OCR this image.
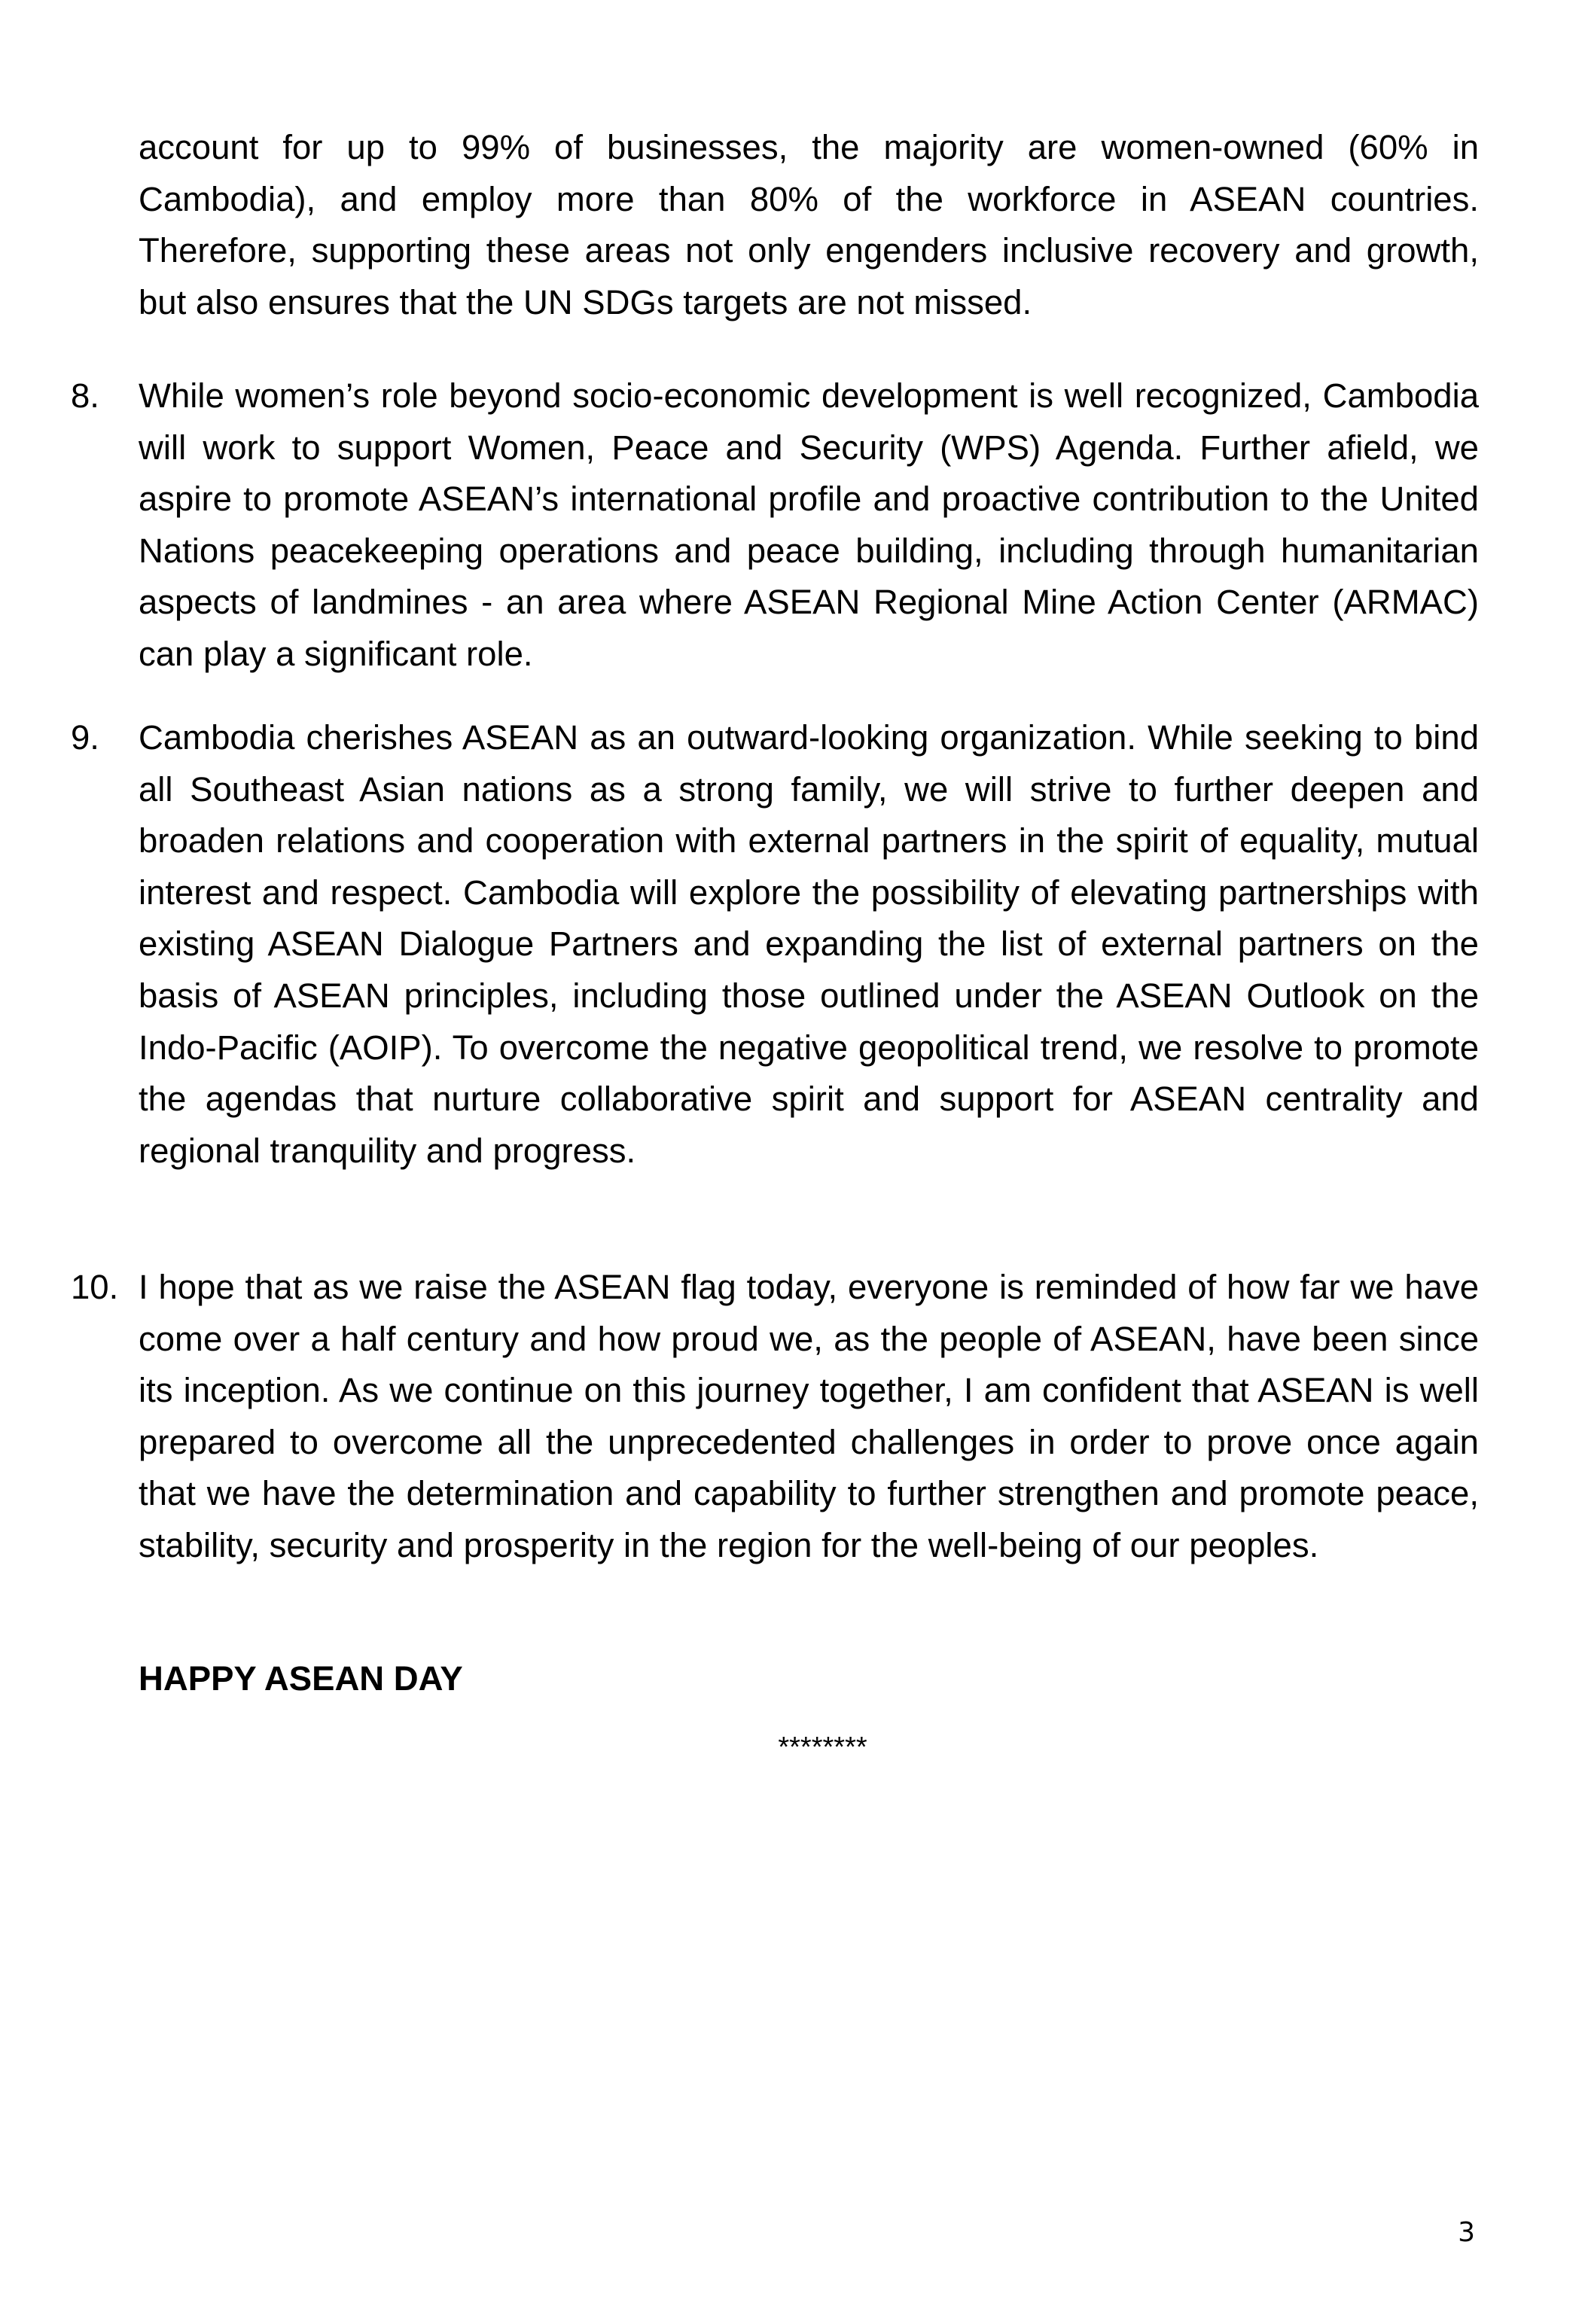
account for up to 99% of businesses, the majority are women-owned (60% in Cambodia), and employ more than 80% of the workforce in ASEAN countries. Therefore, supporting these areas not only engenders inclusive recovery and growth, but also ensures that the UN SDGs targets are not missed.

8. While women’s role beyond socio-economic development is well recognized, Cambodia will work to support Women, Peace and Security (WPS) Agenda. Further afield, we aspire to promote ASEAN’s international profile and proactive contribution to the United Nations peacekeeping operations and peace building, including through humanitarian aspects of landmines - an area where ASEAN Regional Mine Action Center (ARMAC) can play a significant role.

9. Cambodia cherishes ASEAN as an outward-looking organization. While seeking to bind all Southeast Asian nations as a strong family, we will strive to further deepen and broaden relations and cooperation with external partners in the spirit of equality, mutual interest and respect. Cambodia will explore the possibility of elevating partnerships with existing ASEAN Dialogue Partners and expanding the list of external partners on the basis of ASEAN principles, including those outlined under the ASEAN Outlook on the Indo-Pacific (AOIP). To overcome the negative geopolitical trend, we resolve to promote the agendas that nurture collaborative spirit and support for ASEAN centrality and regional tranquility and progress.

10. I hope that as we raise the ASEAN flag today, everyone is reminded of how far we have come over a half century and how proud we, as the people of ASEAN, have been since its inception. As we continue on this journey together, I am confident that ASEAN is well prepared to overcome all the unprecedented challenges in order to prove once again that we have the determination and capability to further strengthen and promote peace, stability, security and prosperity in the region for the well-being of our peoples.

HAPPY ASEAN DAY

********

3
